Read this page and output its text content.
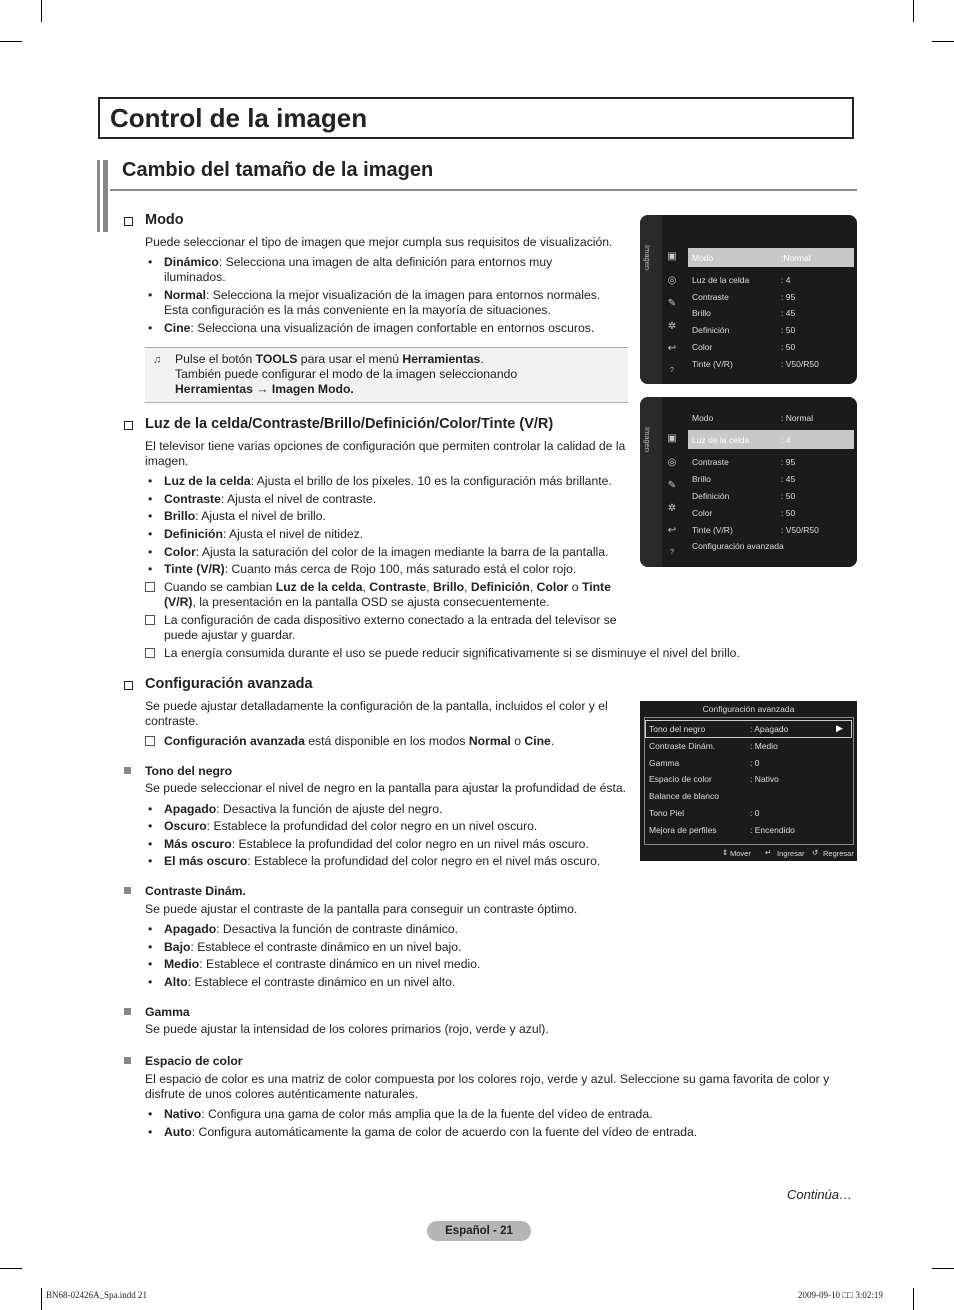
Control de la imagen
Cambio del tamaño de la imagen
Modo
Puede seleccionar el tipo de imagen que mejor cumpla sus requisitos de visualización.
• Dinámico: Selecciona una imagen de alta definición para entornos muy
iluminados.
• Normal: Selecciona la mejor visualización de la imagen para entornos normales.
Esta configuración es la más conveniente en la mayoría de situaciones.
• Cine: Selecciona una visualización de imagen confortable en entornos oscuros.
♫ Pulse el botón TOOLS para usar el menú Herramientas.
También puede configurar el modo de la imagen seleccionando
Herramientas → Imagen Modo.
Luz de la celda/Contraste/Brillo/Definición/Color/Tinte (V/R)
El televisor tiene varias opciones de configuración que permiten controlar la calidad de la
imagen.
• Luz de la celda: Ajusta el brillo de los píxeles. 10 es la configuración más brillante.
• Contraste: Ajusta el nivel de contraste.
• Brillo: Ajusta el nivel de brillo.
• Definición: Ajusta el nivel de nitidez.
• Color: Ajusta la saturación del color de la imagen mediante la barra de la pantalla.
• Tinte (V/R): Cuanto más cerca de Rojo 100, más saturado está el color rojo.
Cuando se cambian Luz de la celda, Contraste, Brillo, Definición, Color o Tinte
(V/R), la presentación en la pantalla OSD se ajusta consecuentemente.
La configuración de cada dispositivo externo conectado a la entrada del televisor se
puede ajustar y guardar.
La energía consumida durante el uso se puede reducir significativamente si se disminuye el nivel del brillo.
Configuración avanzada
Se puede ajustar detalladamente la configuración de la pantalla, incluidos el color y el
contraste.
Configuración avanzada está disponible en los modos Normal o Cine.
Tono del negro
Se puede seleccionar el nivel de negro en la pantalla para ajustar la profundidad de ésta.
• Apagado: Desactiva la función de ajuste del negro.
• Oscuro: Establece la profundidad del color negro en un nivel oscuro.
• Más oscuro: Establece la profundidad del color negro en un nivel más oscuro.
• El más oscuro: Establece la profundidad del color negro en el nivel más oscuro.
Contraste Dinám.
Se puede ajustar el contraste de la pantalla para conseguir un contraste óptimo.
• Apagado: Desactiva la función de contraste dinámico.
• Bajo: Establece el contraste dinámico en un nivel bajo.
• Medio: Establece el contraste dinámico en un nivel medio.
• Alto: Establece el contraste dinámico en un nivel alto.
Gamma
Se puede ajustar la intensidad de los colores primarios (rojo, verde y azul).
Espacio de color
El espacio de color es una matriz de color compuesta por los colores rojo, verde y azul. Seleccione su gama favorita de color y
disfrute de unos colores auténticamente naturales.
• Nativo: Configura una gama de color más amplia que la de la fuente del vídeo de entrada.
• Auto: Configura automáticamente la gama de color de acuerdo con la fuente del vídeo de entrada.
Imagen ▣
◎
✎
✲
↩
?
Modo	:Normal
Luz de la celda	: 4
Contraste	: 95
Brillo	: 45
Definición	: 50
Color	: 50
Tinte (V/R)	: V50/R50
Imagen ▣
◎
✎
✲
↩
?
Modo	: Normal
Luz de la celda	: 4
Contraste	: 95
Brillo	: 45
Definición	: 50
Color	: 50
Tinte (V/R)	: V50/R50
Configuración avanzada
Configuración avanzada
▶
Tono del negro	: Apagado
Contraste Dinám.	: Medio
Gamma	: 0
Espacio de color	: Nativo
Balance de blanco
Tono Piel	: 0
Mejora de perfiles	: Encendido
⇕ Mover ↵ Ingresar ↺ Regresar
Continúa…
Español - 21
BN68-02426A_Spa.indd 21	2009-09-10 □□ 3:02:19
